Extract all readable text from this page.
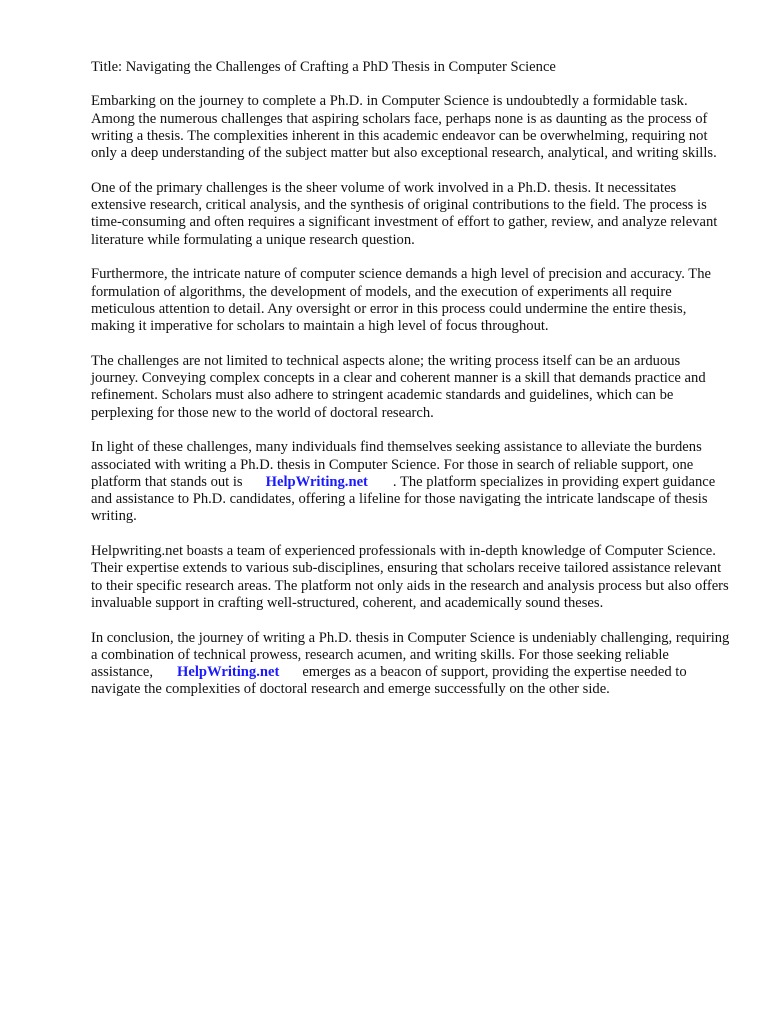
Title: Navigating the Challenges of Crafting a PhD Thesis in Computer Science

Embarking on the journey to complete a Ph.D. in Computer Science is undoubtedly a formidable task. Among the numerous challenges that aspiring scholars face, perhaps none is as daunting as the process of writing a thesis. The complexities inherent in this academic endeavor can be overwhelming, requiring not only a deep understanding of the subject matter but also exceptional research, analytical, and writing skills.

One of the primary challenges is the sheer volume of work involved in a Ph.D. thesis. It necessitates extensive research, critical analysis, and the synthesis of original contributions to the field. The process is time-consuming and often requires a significant investment of effort to gather, review, and analyze relevant literature while formulating a unique research question.

Furthermore, the intricate nature of computer science demands a high level of precision and accuracy. The formulation of algorithms, the development of models, and the execution of experiments all require meticulous attention to detail. Any oversight or error in this process could undermine the entire thesis, making it imperative for scholars to maintain a high level of focus throughout.

The challenges are not limited to technical aspects alone; the writing process itself can be an arduous journey. Conveying complex concepts in a clear and coherent manner is a skill that demands practice and refinement. Scholars must also adhere to stringent academic standards and guidelines, which can be perplexing for those new to the world of doctoral research.

In light of these challenges, many individuals find themselves seeking assistance to alleviate the burdens associated with writing a Ph.D. thesis in Computer Science. For those in search of reliable support, one platform that stands out is HelpWriting.net . The platform specializes in providing expert guidance and assistance to Ph.D. candidates, offering a lifeline for those navigating the intricate landscape of thesis writing.

Helpwriting.net boasts a team of experienced professionals with in-depth knowledge of Computer Science. Their expertise extends to various sub-disciplines, ensuring that scholars receive tailored assistance relevant to their specific research areas. The platform not only aids in the research and analysis process but also offers invaluable support in crafting well-structured, coherent, and academically sound theses.

In conclusion, the journey of writing a Ph.D. thesis in Computer Science is undeniably challenging, requiring a combination of technical prowess, research acumen, and writing skills. For those seeking reliable assistance, HelpWriting.net emerges as a beacon of support, providing the expertise needed to navigate the complexities of doctoral research and emerge successfully on the other side.
